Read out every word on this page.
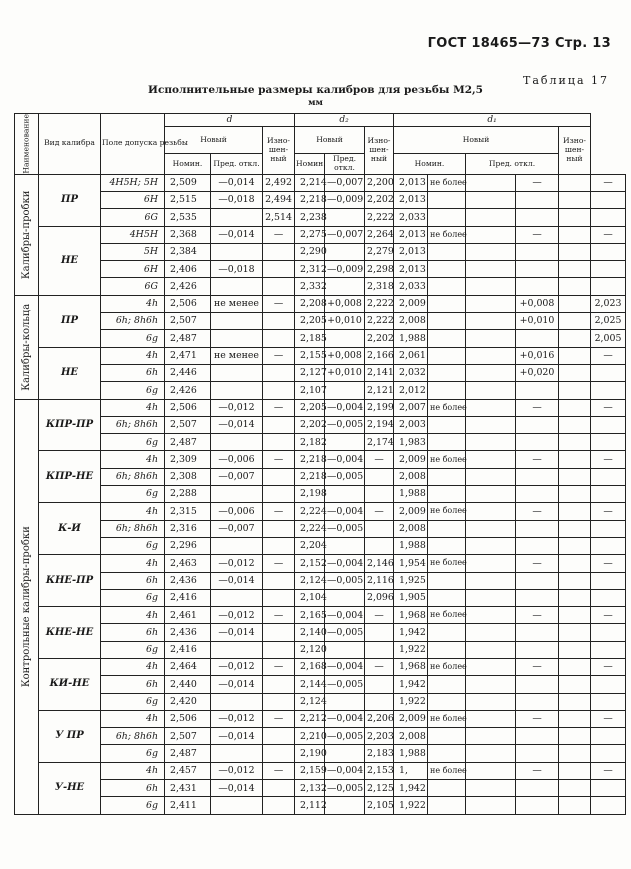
ГОСТ 18465—73 Стр. 13
Таблица 17
Исполнительные размеры калибров для резьбы М2,5
мм
Наименование	Вид калибра	Поле допуска резьбы	d			d₂			d₁					
			Новый		Изно-шен-ный	Новый		Изно-шен-ный	Новый				Изно-шен-ный	
			Номин.	Пред. откл.		Номин.	Пред. откл.		Номин.		Пред. откл.			
Калибры-пробки	ПР	4H5H; 5H	2,509	—0,014	2,492	2,214	—0,007	2,200	2,013	не более		—		—
		6H	2,515	—0,018	2,494	2,218	—0,009	2,202	2,013					
		6G	2,535		2,514	2,238		2,222	2,033					
	НЕ	4H5H	2,368	—0,014	—	2,275	—0,007	2,264	2,013	не более		—		—
		5H	2,384			2,290		2,279	2,013					
		6H	2,406	—0,018		2,312	—0,009	2,298	2,013					
		6G	2,426			2,332		2,318	2,033					
Калибры-кольца	ПР	4h	2,506	не менее	—	2,208	+0,008	2,222	2,009			+0,008		2,023
		6h; 8h6h	2,507			2,205	+0,010	2,222	2,008			+0,010		2,025
		6g	2,487			2,185		2,202	1,988					2,005
	НЕ	4h	2,471	не менее	—	2,155	+0,008	2,166	2,061			+0,016		—
		6h	2,446			2,127	+0,010	2,141	2,032			+0,020		
		6g	2,426			2,107		2,121	2,012					
Контрольные калибры-пробки	КПР-ПР	4h	2,506	—0,012	—	2,205	—0,004	2,199	2,007	не более		—		—
		6h; 8h6h	2,507	—0,014		2,202	—0,005	2,194	2,003					
		6g	2,487			2,182		2,174	1,983					
	КПР-НЕ	4h	2,309	—0,006	—	2,218	—0,004	—	2,009	не более		—		—
		6h; 8h6h	2,308	—0,007		2,218	—0,005		2,008					
		6g	2,288			2,198			1,988					
	К-И	4h	2,315	—0,006	—	2,224	—0,004	—	2,009	не более		—		—
		6h; 8h6h	2,316	—0,007		2,224	—0,005		2,008					
		6g	2,296			2,204			1,988					
	КНЕ-ПР	4h	2,463	—0,012	—	2,152	—0,004	2,146	1,954	не более		—		—
		6h	2,436	—0,014		2,124	—0,005	2,116	1,925					
		6g	2,416			2,104		2,096	1,905					
	КНЕ-НЕ	4h	2,461	—0,012	—	2,165	—0,004	—	1,968	не более		—		—
		6h	2,436	—0,014		2,140	—0,005		1,942					
		6g	2,416			2,120			1,922					
	КИ-НЕ	4h	2,464	—0,012	—	2,168	—0,004	—	1,968	не более		—		—
		6h	2,440	—0,014		2,144	—0,005		1,942					
		6g	2,420			2,124			1,922					
	У ПР	4h	2,506	—0,012	—	2,212	—0,004	2,206	2,009	не более		—		—
		6h; 8h6h	2,507	—0,014		2,210	—0,005	2,203	2,008					
		6g	2,487			2,190		2,183	1,988					
	У-НЕ	4h	2,457	—0,012	—	2,159	—0,004	2,153	1,	не более		—		—
		6h	2,431	—0,014		2,132	—0,005	2,125	1,942					
		6g	2,411			2,112		2,105	1,922					
